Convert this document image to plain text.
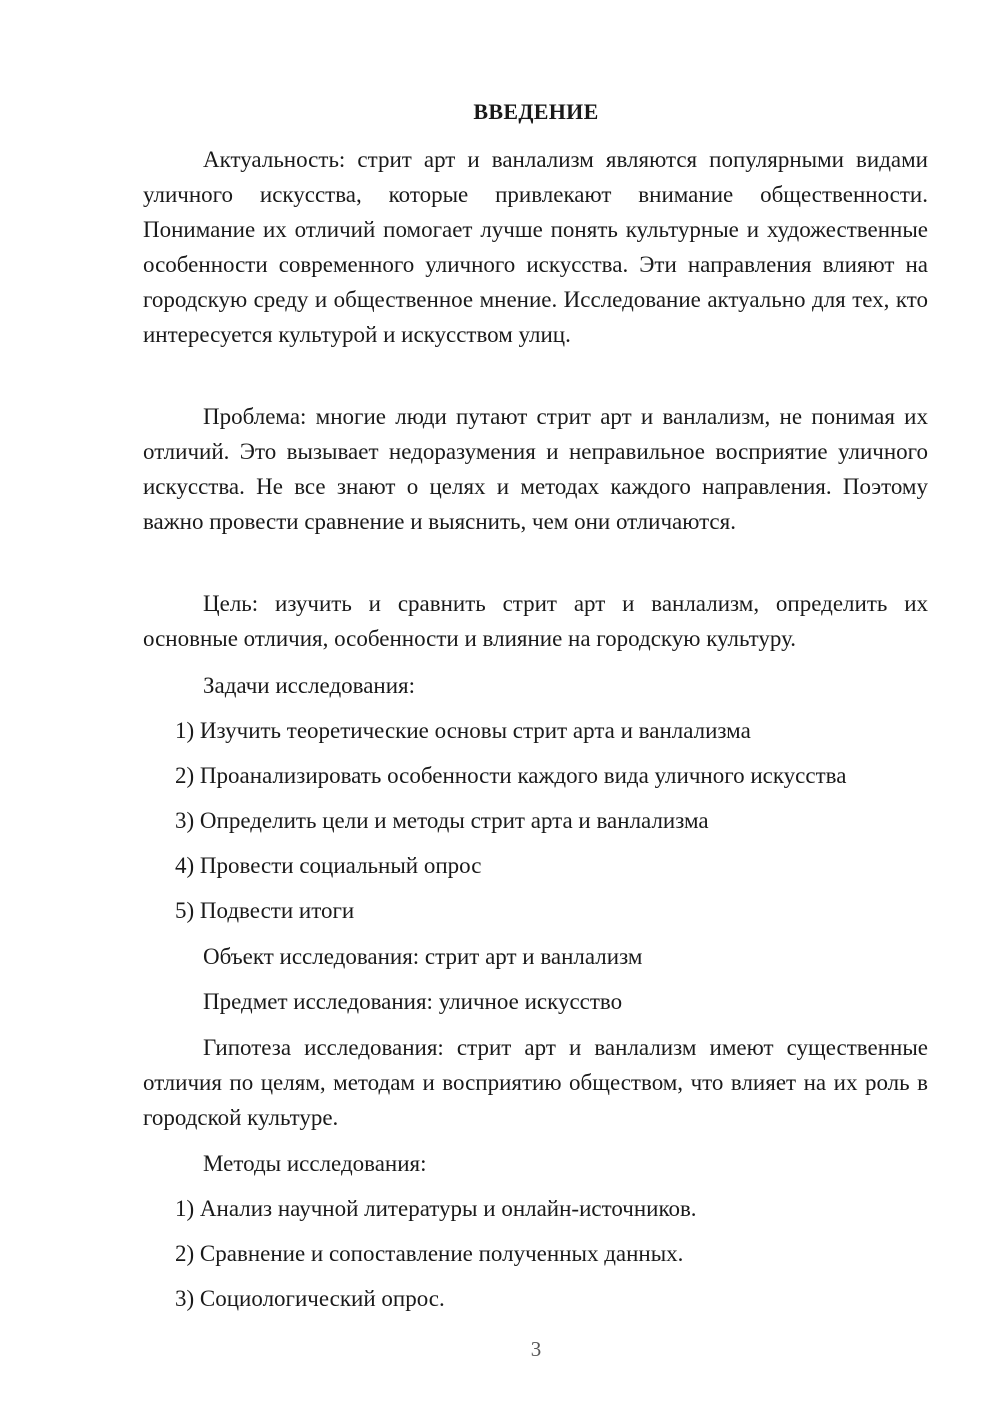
ВВЕДЕНИЕ

Актуальность: стрит арт и ванлализм являются популярными видами уличного искусства, которые привлекают внимание общественности. Понимание их отличий помогает лучше понять культурные и художественные особенности современного уличного искусства. Эти направления влияют на городскую среду и общественное мнение. Исследование актуально для тех, кто интересуется культурой и искусством улиц.

Проблема: многие люди путают стрит арт и ванлализм, не понимая их отличий. Это вызывает недоразумения и неправильное восприятие уличного искусства. Не все знают о целях и методах каждого направления. Поэтому важно провести сравнение и выяснить, чем они отличаются.

Цель: изучить и сравнить стрит арт и ванлализм, определить их основные отличия, особенности и влияние на городскую культуру.

Задачи исследования:

1) Изучить теоретические основы стрит арта и ванлализма

2) Проанализировать особенности каждого вида уличного искусства

3) Определить цели и методы стрит арта и ванлализма

4) Провести социальный опрос

5) Подвести итоги

Объект исследования: стрит арт и ванлализм

Предмет исследования: уличное искусство

Гипотеза исследования: стрит арт и ванлализм имеют существенные отличия по целям, методам и восприятию обществом, что влияет на их роль в городской культуре.

Методы исследования:

1) Анализ научной литературы и онлайн-источников.

2) Сравнение и сопоставление полученных данных.

3) Социологический опрос.

3
